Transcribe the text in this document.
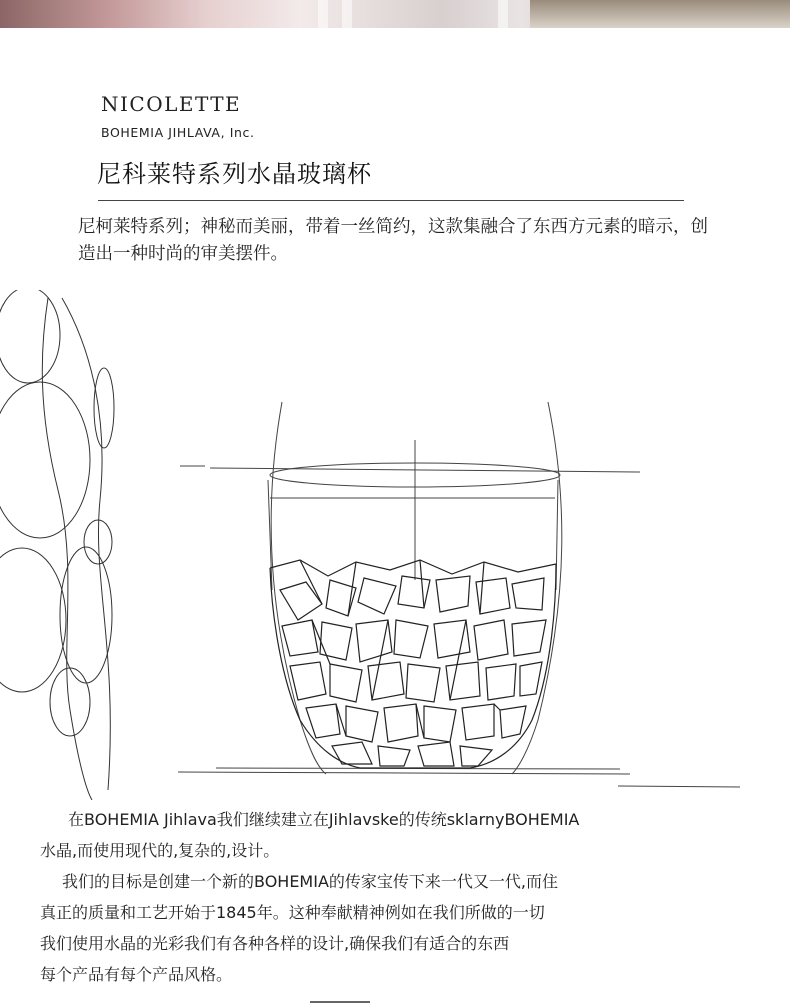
NICOLETTE
BOHEMIA JIHLAVA, Inc.
尼科莱特系列水晶玻璃杯

尼柯莱特系列；神秘而美丽，带着一丝简约，这款集融合了东西方元素的暗示，创造出一种时尚的审美摆件。

在BOHEMIA Jihlava我们继续建立在Jihlavske的传统sklarnyBOHEMIA

水晶,而使用现代的,复杂的,设计。

我们的目标是创建一个新的BOHEMIA的传家宝传下来一代又一代,而住

真正的质量和工艺开始于1845年。这种奉献精神例如在我们所做的一切

我们使用水晶的光彩我们有各种各样的设计,确保我们有适合的东西

每个产品有每个产品风格。
